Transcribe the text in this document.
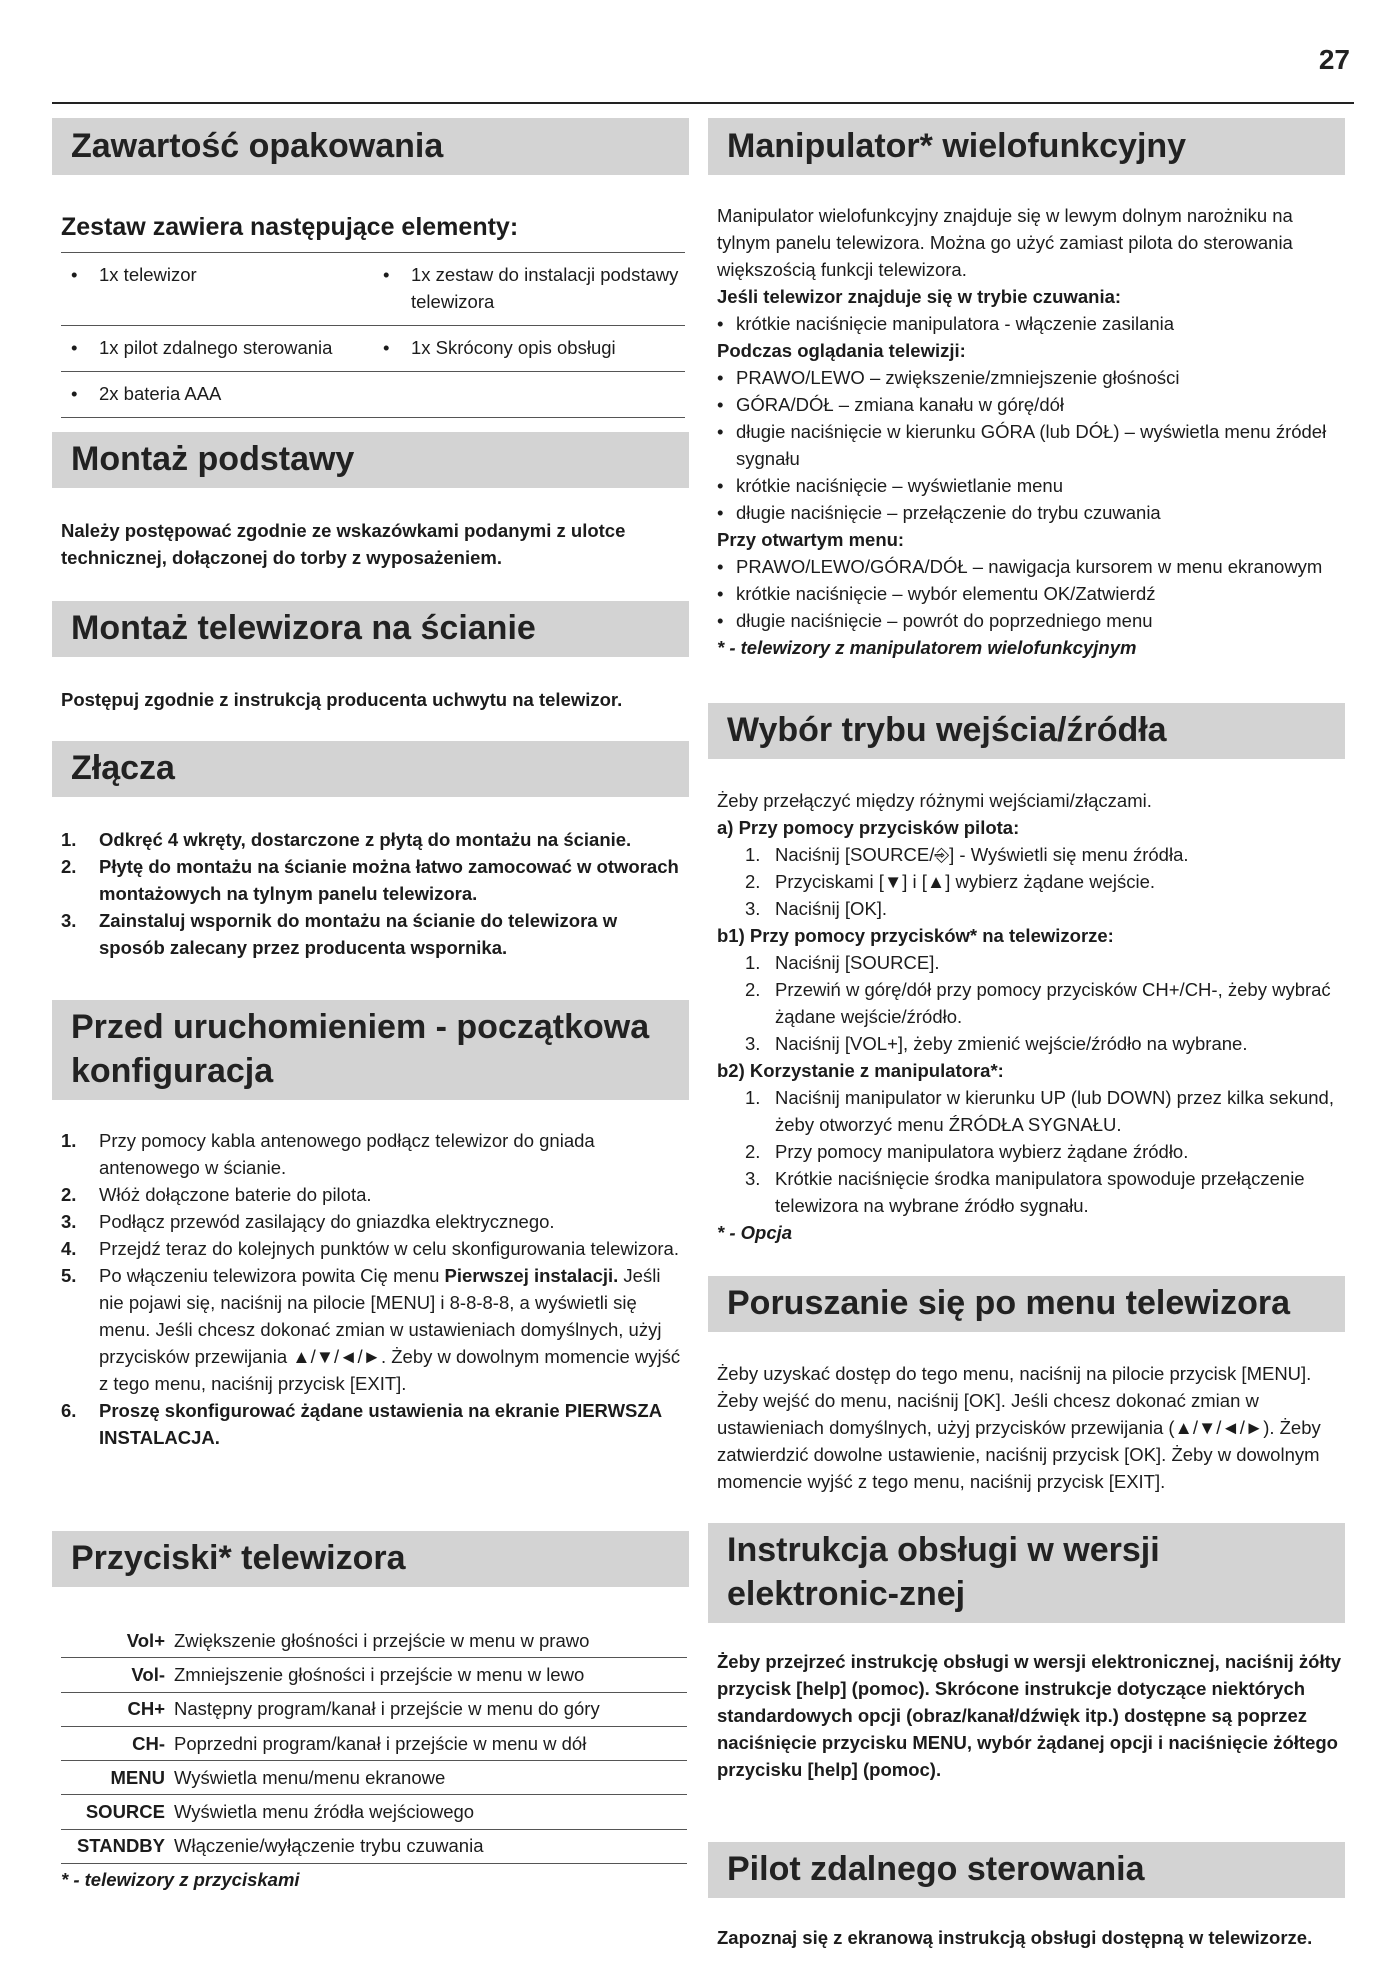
27
Zawartość opakowania
Zestaw zawiera następujące elementy:
•	1x telewizor	•	1x zestaw do instalacji podstawy telewizora
•	1x pilot zdalnego sterowania	•	1x Skrócony opis obsługi
•	2x bateria AAA
Montaż podstawy
Należy postępować zgodnie ze wskazówkami podanymi z ulotce technicznej, dołączonej do torby z wyposażeniem.
Montaż telewizora na ścianie
Postępuj zgodnie z instrukcją producenta uchwytu na telewizor.
Złącza
1.	Odkręć 4 wkręty, dostarczone z płytą do montażu na ścianie.
2.	Płytę do montażu na ścianie można łatwo zamocować w otworach montażowych na tylnym panelu telewizora.
3.	Zainstaluj wspornik do montażu na ścianie do telewizora w sposób zalecany przez producenta wspornika.
Przed uruchomieniem - początkowa konfiguracja
1.	Przy pomocy kabla antenowego podłącz telewizor do gniada antenowego w ścianie.
2.	Włóż dołączone baterie do pilota.
3.	Podłącz przewód zasilający do gniazdka elektrycznego.
4.	Przejdź teraz do kolejnych punktów w celu skonfigurowania telewizora.
5.	Po włączeniu telewizora powita Cię menu Pierwszej instalacji. Jeśli nie pojawi się, naciśnij na pilocie [MENU] i 8-8-8-8, a wyświetli się menu. Jeśli chcesz dokonać zmian w ustawieniach domyślnych, użyj przycisków przewijania ▲/▼/◄/►. Żeby w dowolnym momencie wyjść z tego menu, naciśnij przycisk [EXIT].
6.	Proszę skonfigurować żądane ustawienia na ekranie PIERWSZA INSTALACJA.
Przyciski* telewizora
Vol+ Zwiększenie głośności i przejście w menu w prawo
Vol- Zmniejszenie głośności i przejście w menu w lewo
CH+ Następny program/kanał i przejście w menu do góry
CH- Poprzedni program/kanał i przejście w menu w dół
MENU Wyświetla menu/menu ekranowe
SOURCE Wyświetla menu źródła wejściowego
STANDBY Włączenie/wyłączenie trybu czuwania
* - telewizory z przyciskami
Manipulator* wielofunkcyjny
Manipulator wielofunkcyjny znajduje się w lewym dolnym narożniku na tylnym panelu telewizora. Można go użyć zamiast pilota do sterowania większością funkcji telewizora.
Jeśli telewizor znajduje się w trybie czuwania:
• krótkie naciśnięcie manipulatora - włączenie zasilania
Podczas oglądania telewizji:
• PRAWO/LEWO – zwiększenie/zmniejszenie głośności
• GÓRA/DÓŁ – zmiana kanału w górę/dół
• długie naciśnięcie w kierunku GÓRA (lub DÓŁ) – wyświetla menu źródeł sygnału
• krótkie naciśnięcie – wyświetlanie menu
• długie naciśnięcie – przełączenie do trybu czuwania
Przy otwartym menu:
• PRAWO/LEWO/GÓRA/DÓŁ – nawigacja kursorem w menu ekranowym
• krótkie naciśnięcie – wybór elementu OK/Zatwierdź
• długie naciśnięcie – powrót do poprzedniego menu
* - telewizory z manipulatorem wielofunkcyjnym
Wybór trybu wejścia/źródła
Żeby przełączyć między różnymi wejściami/złączami.
a) Przy pomocy przycisków pilota:
1. Naciśnij [SOURCE/⎆] - Wyświetli się menu źródła.
2. Przyciskami [▼] i [▲] wybierz żądane wejście.
3. Naciśnij [OK].
b1) Przy pomocy przycisków* na telewizorze:
1. Naciśnij [SOURCE].
2. Przewiń w górę/dół przy pomocy przycisków CH+/CH-, żeby wybrać żądane wejście/źródło.
3. Naciśnij [VOL+], żeby zmienić wejście/źródło na wybrane.
b2) Korzystanie z manipulatora*:
1. Naciśnij manipulator w kierunku UP (lub DOWN) przez kilka sekund, żeby otworzyć menu ŹRÓDŁA SYGNAŁU.
2. Przy pomocy manipulatora wybierz żądane źródło.
3. Krótkie naciśnięcie środka manipulatora spowoduje przełączenie telewizora na wybrane źródło sygnału.
* - Opcja
Poruszanie się po menu telewizora
Żeby uzyskać dostęp do tego menu, naciśnij na pilocie przycisk [MENU]. Żeby wejść do menu, naciśnij [OK]. Jeśli chcesz dokonać zmian w ustawieniach domyślnych, użyj przycisków przewijania (▲/▼/◄/►). Żeby zatwierdzić dowolne ustawienie, naciśnij przycisk [OK]. Żeby w dowolnym momencie wyjść z tego menu, naciśnij przycisk [EXIT].
Instrukcja obsługi w wersji elektronic-znej
Żeby przejrzeć instrukcję obsługi w wersji elektronicznej, naciśnij żółty przycisk [help] (pomoc). Skrócone instrukcje dotyczące niektórych standardowych opcji (obraz/kanał/dźwięk itp.) dostępne są poprzez naciśnięcie przycisku MENU, wybór żądanej opcji i naciśnięcie żółtego przycisku [help] (pomoc).
Pilot zdalnego sterowania
Zapoznaj się z ekranową instrukcją obsługi dostępną w telewizorze.
